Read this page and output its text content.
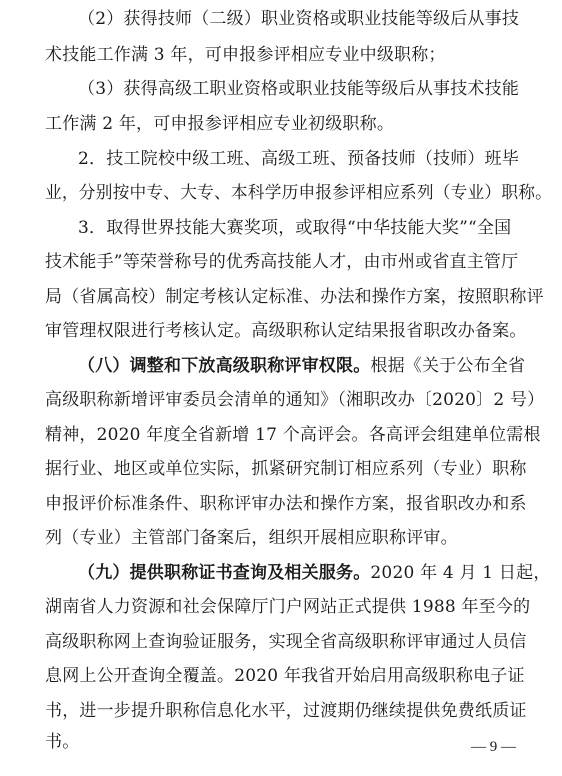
（2）获得技师（二级）职业资格或职业技能等级后从事技
术技能工作满 3 年，可申报参评相应专业中级职称；
（3）获得高级工职业资格或职业技能等级后从事技术技能
工作满 2 年，可申报参评相应专业初级职称。
2．技工院校中级工班、高级工班、预备技师（技师）班毕
业，分别按中专、大专、本科学历申报参评相应系列（专业）职称。
3．取得世界技能大赛奖项，或取得“中华技能大奖”“全国
技术能手”等荣誉称号的优秀高技能人才，由市州或省直主管厅
局（省属高校）制定考核认定标准、办法和操作方案，按照职称评
审管理权限进行考核认定。高级职称认定结果报省职改办备案。
（八）调整和下放高级职称评审权限。根据《关于公布全省
高级职称新增评审委员会清单的通知》（湘职改办〔2020〕2 号）
精神，2020 年度全省新增 17 个高评会。各高评会组建单位需根
据行业、地区或单位实际，抓紧研究制订相应系列（专业）职称
申报评价标准条件、职称评审办法和操作方案，报省职改办和系
列（专业）主管部门备案后，组织开展相应职称评审。
（九）提供职称证书查询及相关服务。2020 年 4 月 1 日起，
湖南省人力资源和社会保障厅门户网站正式提供 1988 年至今的
高级职称网上查询验证服务，实现全省高级职称评审通过人员信
息网上公开查询全覆盖。2020 年我省开始启用高级职称电子证
书，进一步提升职称信息化水平，过渡期仍继续提供免费纸质证
书。	— 9 —
